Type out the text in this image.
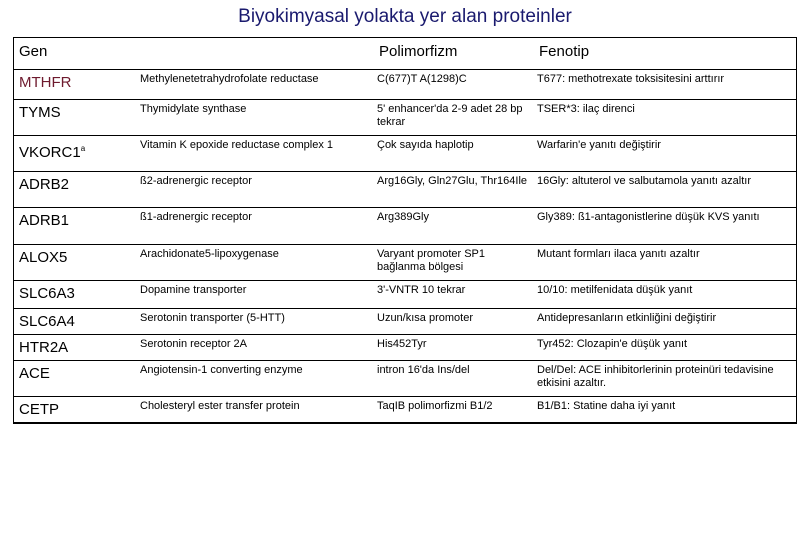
Biyokimyasal yolakta yer alan proteinler
Gen		Polimorfizm	Fenotip
MTHFR	Methylenetetrahydrofolate reductase	C(677)T A(1298)C	T677: methotrexate toksisitesini arttırır
TYMS	Thymidylate synthase	5' enhancer'da 2-9 adet 28 bp tekrar	TSER*3: ilaç direnci
VKORC1$^a$	Vitamin K epoxide reductase complex 1	Çok sayıda haplotip	Warfarin'e yanıtı değiştirir
ADRB2	ß2-adrenergic receptor	Arg16Gly, Gln27Glu, Thr164Ile	16Gly: altuterol ve salbutamola yanıtı azaltır
ADRB1	ß1-adrenergic receptor	Arg389Gly	Gly389: ß1-antagonistlerine düşük KVS yanıtı
ALOX5	Arachidonate5-lipoxygenase	Varyant promoter SP1 bağlanma bölgesi	Mutant formları ilaca yanıtı azaltır
SLC6A3	Dopamine transporter	3'-VNTR 10 tekrar	10/10: metilfenidata düşük yanıt
SLC6A4	Serotonin transporter (5-HTT)	Uzun/kısa promoter	Antidepresanların etkinliğini değiştirir
HTR2A	Serotonin receptor 2A	His452Tyr	Tyr452: Clozapin'e düşük yanıt
ACE	Angiotensin-1 converting enzyme	intron 16'da Ins/del	Del/Del: ACE inhibitorlerinin proteinüri tedavisine etkisini azaltır.
CETP	Cholesteryl ester transfer protein	TaqIB polimorfizmi B1/2	B1/B1: Statine daha iyi yanıt
